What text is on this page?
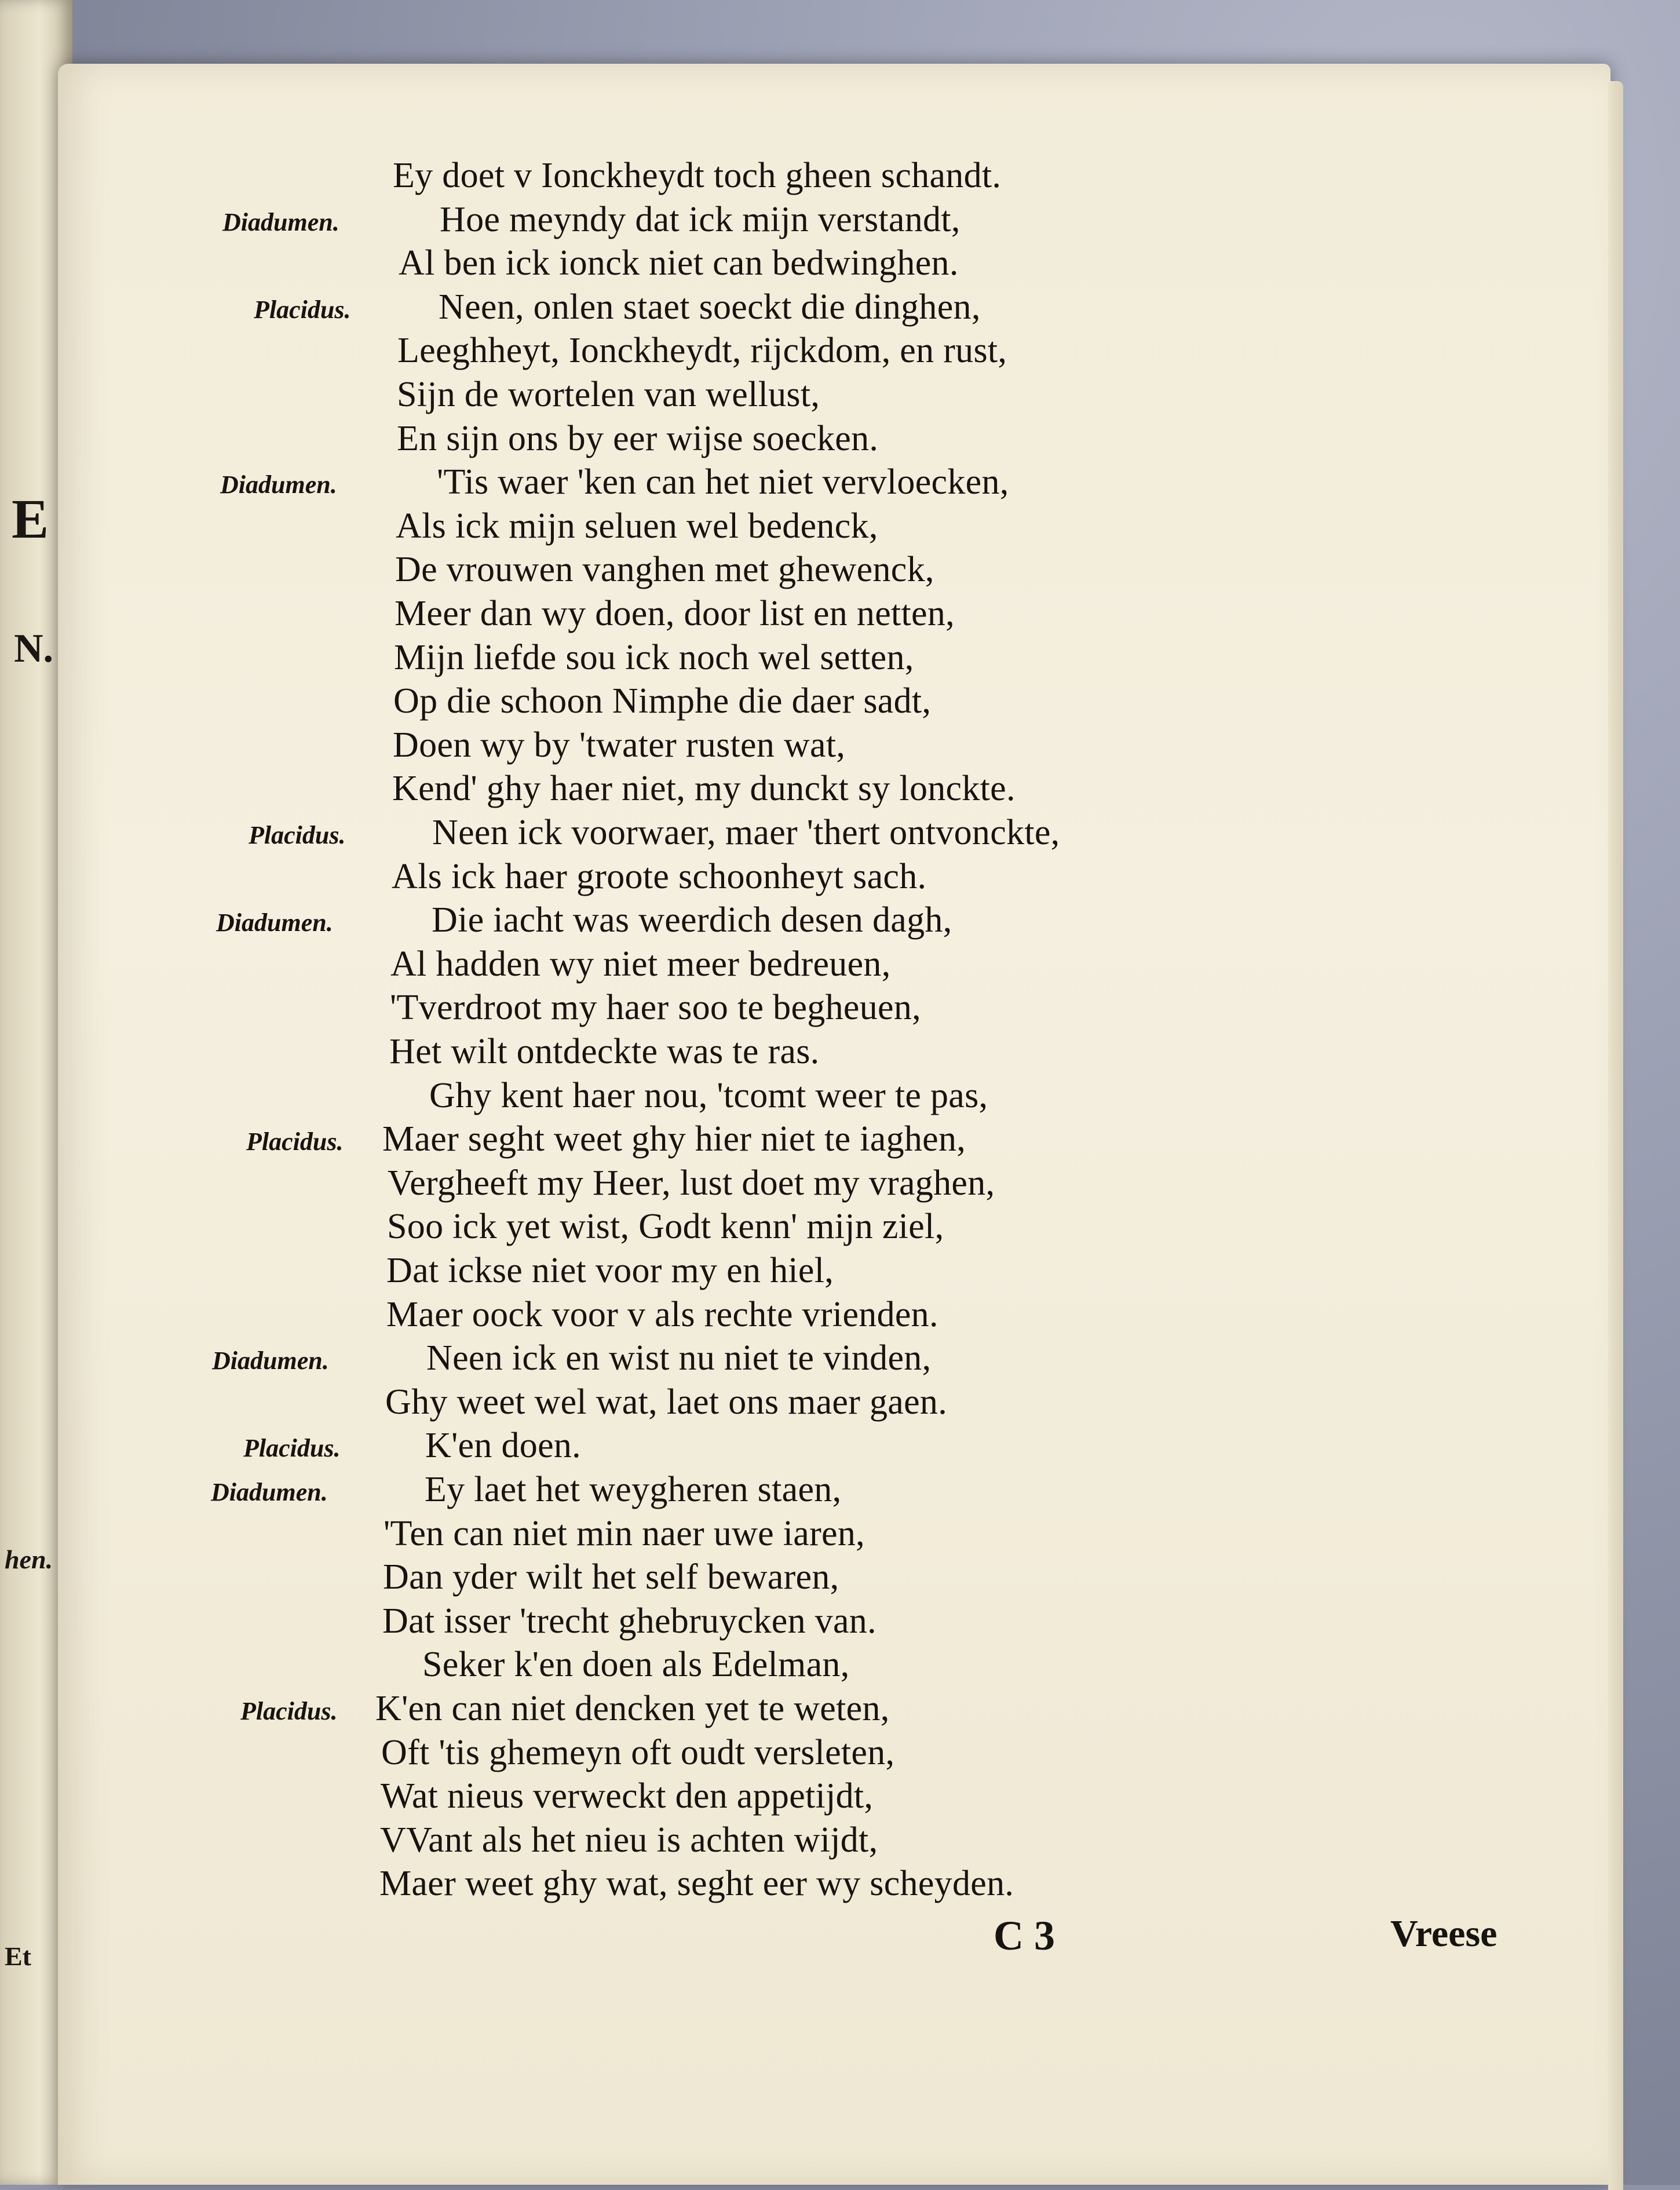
E
N.
hen.
Et
Ey doet v Ionckheydt toch gheen schandt.
Hoe meyndy dat ick mijn verstandt,
Diadumen.
Al ben ick ionck niet can bedwinghen.
Neen, onlen staet soeckt die dinghen,
Placidus.
Leeghheyt, Ionckheydt, rijckdom, en rust,
Sijn de wortelen van wellust,
En sijn ons by eer wijse soecken.
'Tis waer 'ken can het niet vervloecken,
Diadumen.
Als ick mijn seluen wel bedenck,
De vrouwen vanghen met ghewenck,
Meer dan wy doen, door list en netten,
Mijn liefde sou ick noch wel setten,
Op die schoon Nimphe die daer sadt,
Doen wy by 'twater rusten wat,
Kend' ghy haer niet, my dunckt sy lonckte.
Neen ick voorwaer, maer 'thert ontvonckte,
Placidus.
Als ick haer groote schoonheyt sach.
Die iacht was weerdich desen dagh,
Diadumen.
Al hadden wy niet meer bedreuen,
'Tverdroot my haer soo te begheuen,
Het wilt ontdeckte was te ras.
Ghy kent haer nou, 'tcomt weer te pas,
Maer seght weet ghy hier niet te iaghen,
Placidus.
Vergheeft my Heer, lust doet my vraghen,
Soo ick yet wist, Godt kenn' mijn ziel,
Dat ickse niet voor my en hiel,
Maer oock voor v als rechte vrienden.
Neen ick en wist nu niet te vinden,
Diadumen.
Ghy weet wel wat, laet ons maer gaen.
K'en doen.
Placidus.
Ey laet het weygheren staen,
Diadumen.
'Ten can niet min naer uwe iaren,
Dan yder wilt het self bewaren,
Dat isser 'trecht ghebruycken van.
Seker k'en doen als Edelman,
K'en can niet dencken yet te weten,
Placidus.
Oft 'tis ghemeyn oft oudt versleten,
Wat nieus verweckt den appetijdt,
VVant als het nieu is achten wijdt,
Maer weet ghy wat, seght eer wy scheyden.
C 3	Vreese
